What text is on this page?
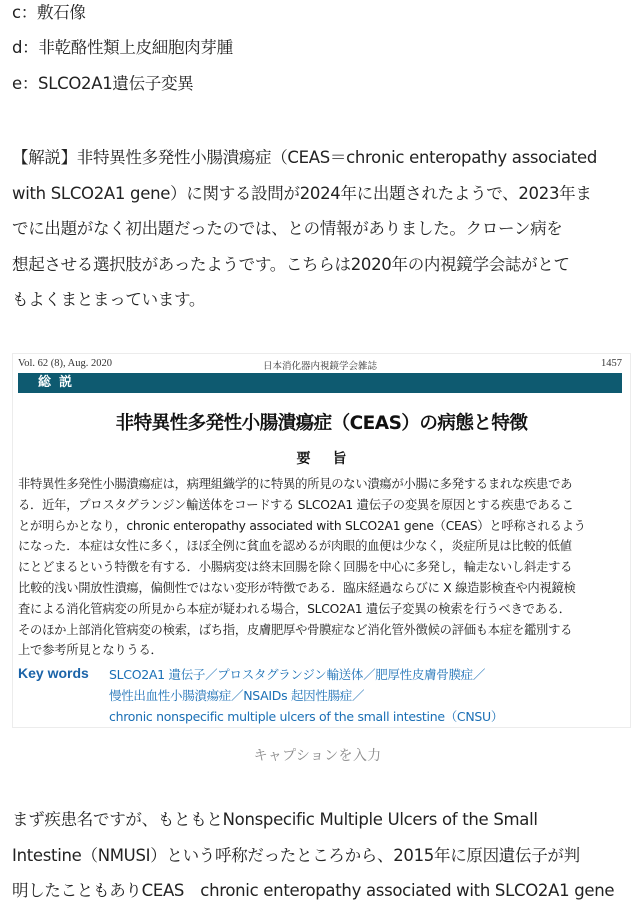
c：敷石像
d：非乾酪性類上皮細胞肉芽腫
e：SLCO2A1遺伝子変異
【解説】非特異性多発性小腸潰瘍症（CEAS＝chronic enteropathy associated
with SLCO2A1 gene）に関する設問が2024年に出題されたようで、2023年ま
でに出題がなく初出題だったのでは、との情報がありました。クローン病を
想起させる選択肢があったようです。こちらは2020年の内視鏡学会誌がとて
もよくまとまっています。
Vol. 62 (8), Aug. 2020	日本消化器内視鏡学会雑誌	1457
総説
非特異性多発性小腸潰瘍症（CEAS）の病態と特徴
要旨
非特異性多発性小腸潰瘍症は，病理組織学的に特異的所見のない潰瘍が小腸に多発するまれな疾患であ
る．近年，プロスタグランジン輸送体をコードする SLCO2A1 遺伝子の変異を原因とする疾患であるこ
とが明らかとなり，chronic enteropathy associated with SLCO2A1 gene（CEAS）と呼称されるよう
になった．本症は女性に多く，ほぼ全例に貧血を認めるが肉眼的血便は少なく，炎症所見は比較的低値
にとどまるという特徴を有する．小腸病変は終末回腸を除く回腸を中心に多発し，輪走ないし斜走する
比較的浅い開放性潰瘍，偏側性ではない変形が特徴である．臨床経過ならびに X 線造影検査や内視鏡検
査による消化管病変の所見から本症が疑われる場合，SLCO2A1 遺伝子変異の検索を行うべきである．
そのほか上部消化管病変の検索，ばち指，皮膚肥厚や骨膜症など消化管外徴候の評価も本症を鑑別する
上で参考所見となりうる．
Key words SLCO2A1 遺伝子／プロスタグランジン輸送体／肥厚性皮膚骨膜症／
慢性出血性小腸潰瘍症／NSAIDs 起因性腸症／
chronic nonspecific multiple ulcers of the small intestine（CNSU）
キャプションを入力
まず疾患名ですが、もともとNonspecific Multiple Ulcers of the Small
Intestine（NMUSI）という呼称だったところから、2015年に原因遺伝子が判
明したこともありCEAS　chronic enteropathy associated with SLCO2A1 gene
